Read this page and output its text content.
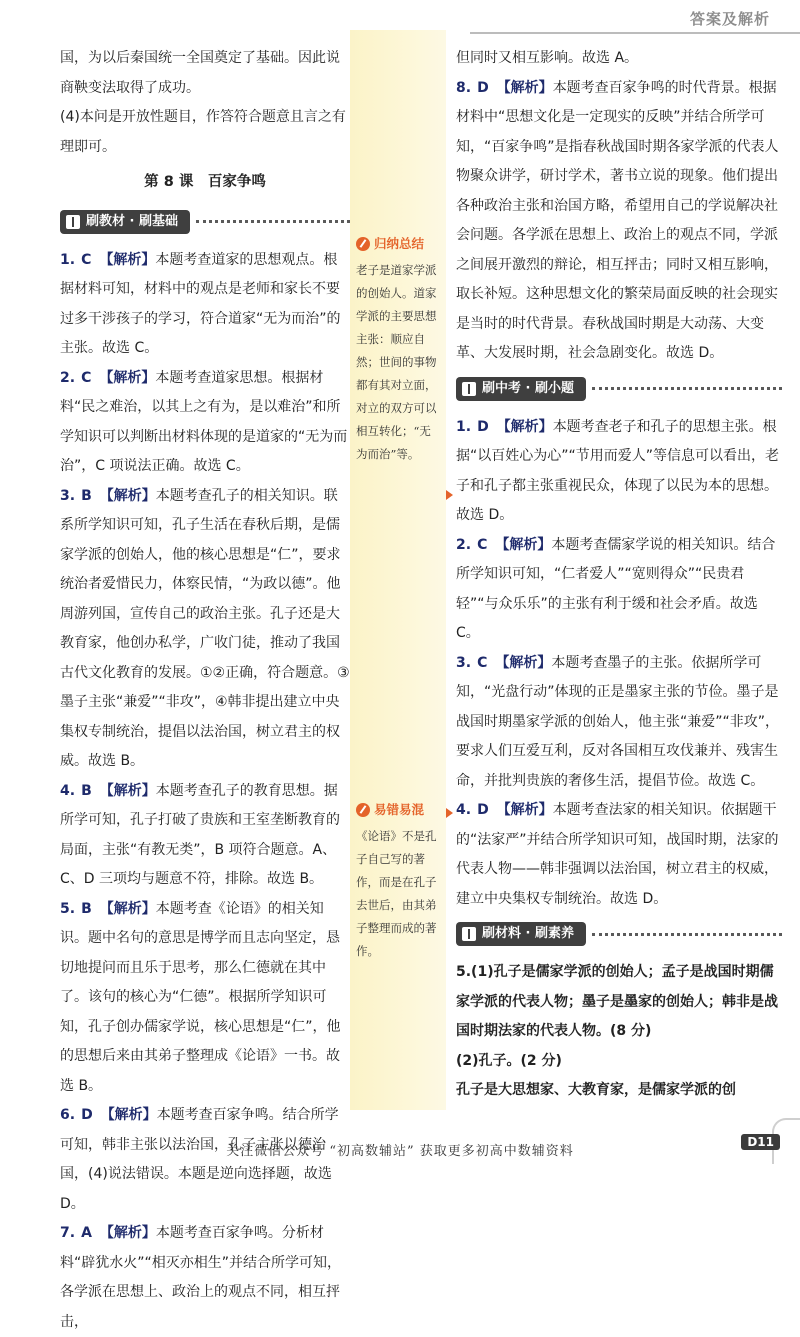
答案及解析

国，为以后秦国统一全国奠定了基础。因此说商鞅变法取得了成功。

(4)本问是开放性题目，作答符合题意且言之有理即可。

第 8 课　百家争鸣
刷教材 · 刷基础

1. C 【解析】本题考查道家的思想观点。根据材料可知，材料中的观点是老师和家长不要过多干涉孩子的学习，符合道家“无为而治”的主张。故选 C。

2. C 【解析】本题考查道家思想。根据材料“民之难治，以其上之有为，是以难治”和所学知识可以判断出材料体现的是道家的“无为而治”，C 项说法正确。故选 C。

3. B 【解析】本题考查孔子的相关知识。联系所学知识可知，孔子生活在春秋后期，是儒家学派的创始人，他的核心思想是“仁”，要求统治者爱惜民力，体察民情，“为政以德”。他周游列国，宣传自己的政治主张。孔子还是大教育家，他创办私学，广收门徒，推动了我国古代文化教育的发展。①②正确，符合题意。③墨子主张“兼爱”“非攻”，④韩非提出建立中央集权专制统治，提倡以法治国，树立君主的权威。故选 B。

4. B 【解析】本题考查孔子的教育思想。据所学可知，孔子打破了贵族和王室垄断教育的局面，主张“有教无类”，B 项符合题意。A、C、D 三项均与题意不符，排除。故选 B。

5. B 【解析】本题考查《论语》的相关知识。题中名句的意思是博学而且志向坚定，恳切地提问而且乐于思考，那么仁德就在其中了。该句的核心为“仁德”。根据所学知识可知，孔子创办儒家学说，核心思想是“仁”，他的思想后来由其弟子整理成《论语》一书。故选 B。

6. D 【解析】本题考查百家争鸣。结合所学可知，韩非主张以法治国，孔子主张以德治国，(4)说法错误。本题是逆向选择题，故选 D。

7. A 【解析】本题考查百家争鸣。分析材料“辟犹水火”“相灭亦相生”并结合所学可知，各学派在思想上、政治上的观点不同，相互抨击，

归纳总结
老子是道家学派的创始人。道家学派的主要思想主张：顺应自然；世间的事物都有其对立面，对立的双方可以相互转化；“无为而治”等。
易错易混
《论语》不是孔子自己写的著作，而是在孔子去世后，由其弟子整理而成的著作。

但同时又相互影响。故选 A。

8. D 【解析】本题考查百家争鸣的时代背景。根据材料中“思想文化是一定现实的反映”并结合所学可知，“百家争鸣”是指春秋战国时期各家学派的代表人物聚众讲学，研讨学术，著书立说的现象。他们提出各种政治主张和治国方略，希望用自己的学说解决社会问题。各学派在思想上、政治上的观点不同，学派之间展开激烈的辩论，相互抨击；同时又相互影响，取长补短。这种思想文化的繁荣局面反映的社会现实是当时的时代背景。春秋战国时期是大动荡、大变革、大发展时期，社会急剧变化。故选 D。

刷中考 · 刷小题

1. D 【解析】本题考查老子和孔子的思想主张。根据“以百姓心为心”“节用而爱人”等信息可以看出，老子和孔子都主张重视民众，体现了以民为本的思想。故选 D。

2. C 【解析】本题考查儒家学说的相关知识。结合所学知识可知，“仁者爱人”“宽则得众”“民贵君轻”“与众乐乐”的主张有利于缓和社会矛盾。故选 C。

3. C 【解析】本题考查墨子的主张。依据所学可知，“光盘行动”体现的正是墨家主张的节俭。墨子是战国时期墨家学派的创始人，他主张“兼爱”“非攻”，要求人们互爱互利，反对各国相互攻伐兼并、残害生命，并批判贵族的奢侈生活，提倡节俭。故选 C。

4. D 【解析】本题考查法家的相关知识。依据题干的“法家严”并结合所学知识可知，战国时期，法家的代表人物——韩非强调以法治国，树立君主的权威，建立中央集权专制统治。故选 D。

刷材料 · 刷素养

5.(1)孔子是儒家学派的创始人；孟子是战国时期儒家学派的代表人物；墨子是墨家的创始人；韩非是战国时期法家的代表人物。(8 分)

(2)孔子。(2 分)

孔子是大思想家、大教育家，是儒家学派的创

D11
关注微信公众号 “初高数辅站” 获取更多初高中数辅资料
